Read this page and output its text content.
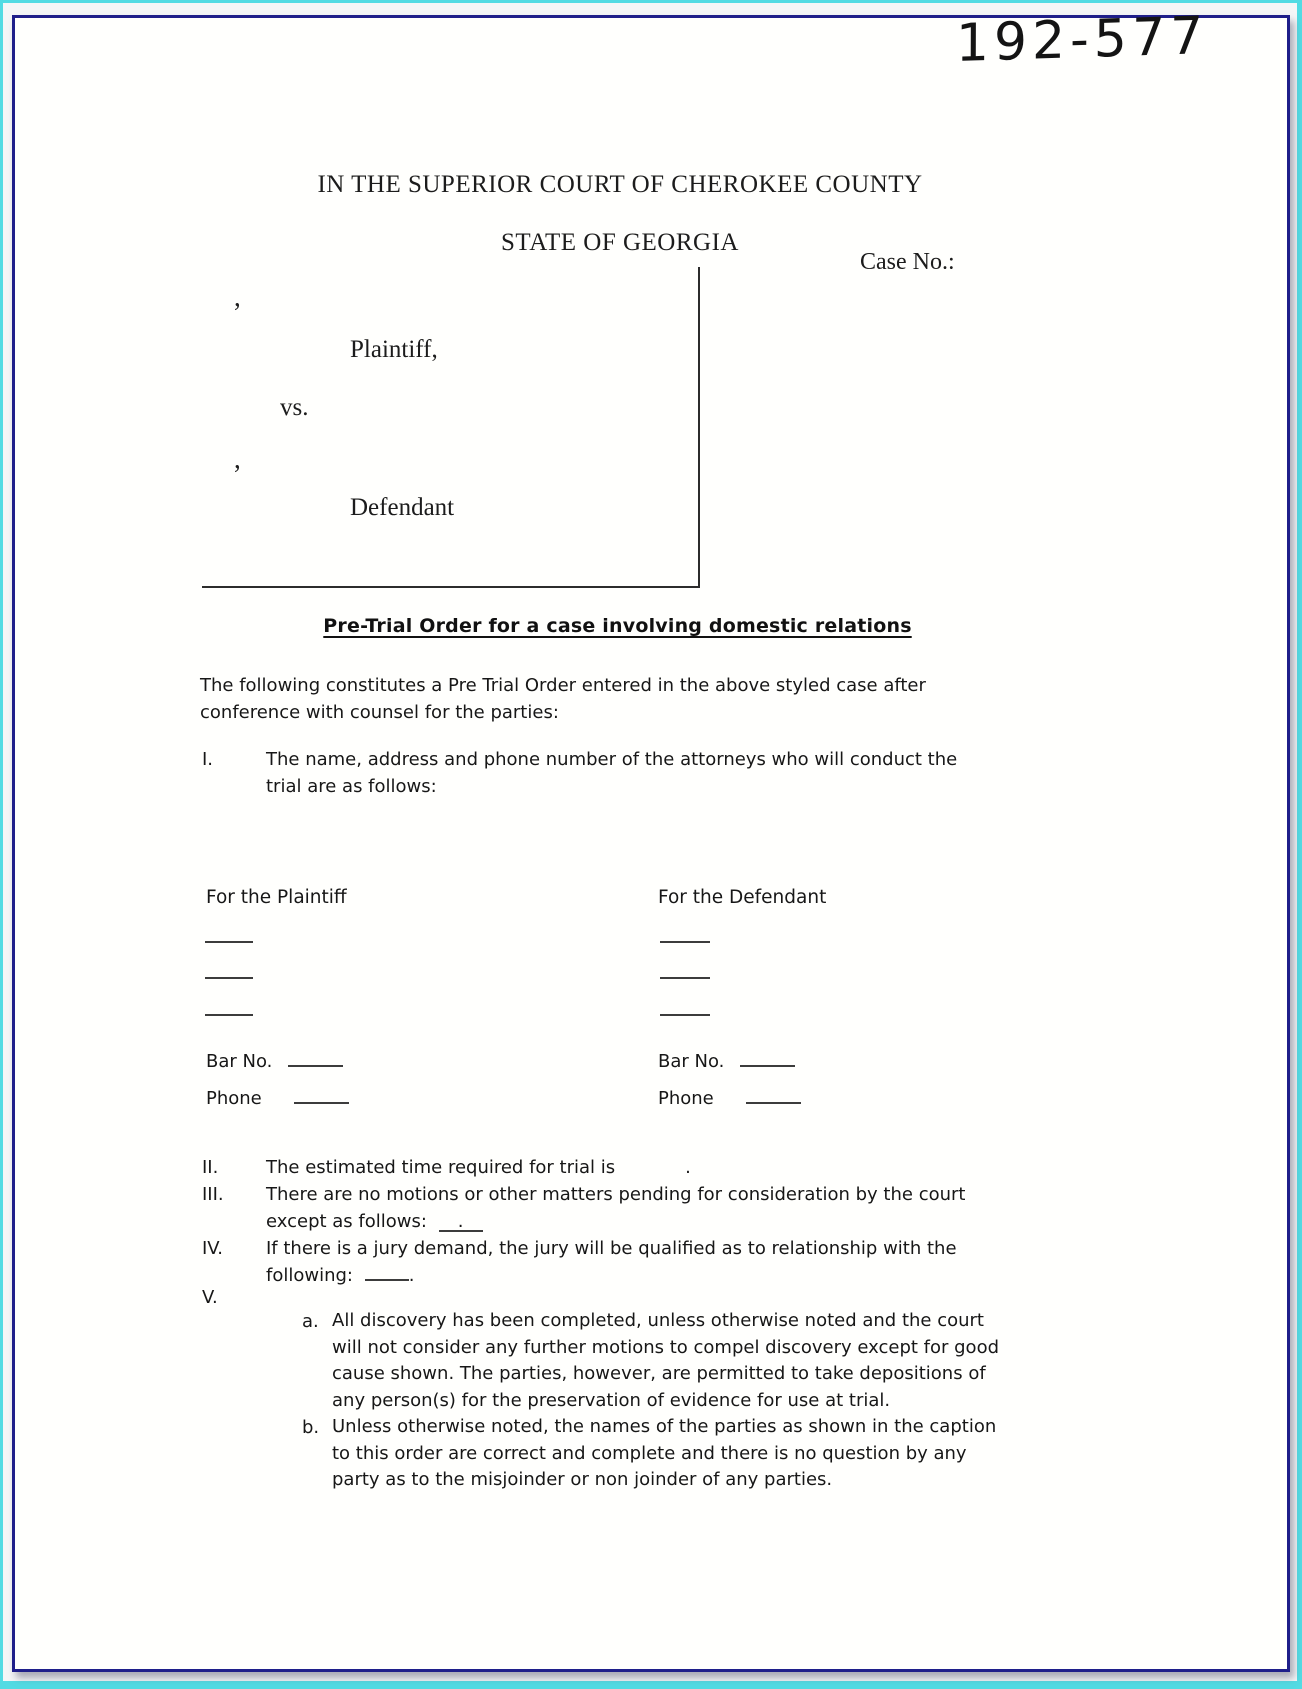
192-577
IN THE SUPERIOR COURT OF CHEROKEE COUNTY
STATE OF GEORGIA
Case No.:
,
Plaintiff,
vs.
,
Defendant
Pre-Trial Order for a case involving domestic relations
The following constitutes a Pre Trial Order entered in the above styled case after
conference with counsel for the parties:
I.	The name, address and phone number of the attorneys who will conduct the
trial are as follows:
For the Plaintiff	For the Defendant
Bar No.	Bar No.
Phone	Phone
II.	The estimated time required for trial is	.
III. There are no motions or other matters pending for consideration by the court
except as follows: .
IV. If there is a jury demand, the jury will be qualified as to relationship with the
following:	.
V.
a. All discovery has been completed, unless otherwise noted and the court
will not consider any further motions to compel discovery except for good
cause shown. The parties, however, are permitted to take depositions of
any person(s) for the preservation of evidence for use at trial.
b. Unless otherwise noted, the names of the parties as shown in the caption
to this order are correct and complete and there is no question by any
party as to the misjoinder or non joinder of any parties.
